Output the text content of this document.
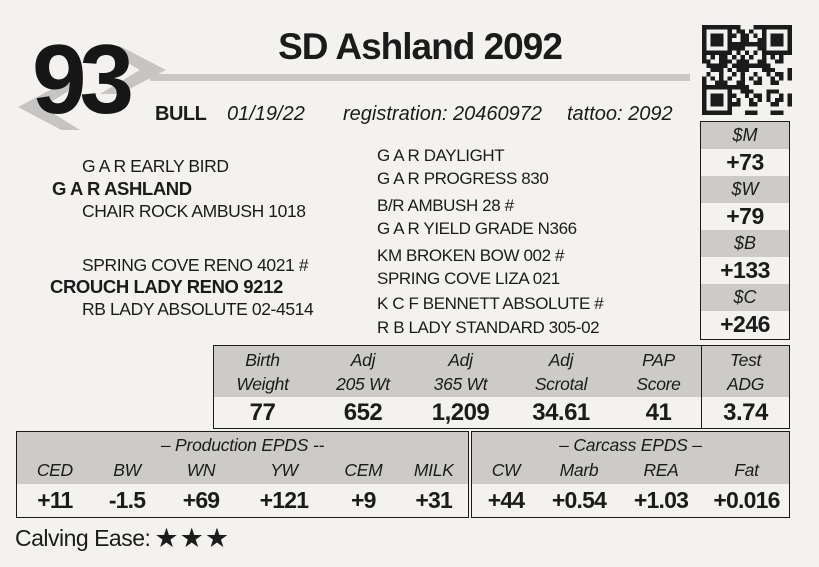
93	SD Ashland 2092
BULL 01/19/22 registration: 20460972 tattoo: 2092
G A R EARLY BIRD
G A R ASHLAND
CHAIR ROCK AMBUSH 1018
SPRING COVE RENO 4021 #
CROUCH LADY RENO 9212
RB LADY ABSOLUTE 02-4514
G A R DAYLIGHT
G A R PROGRESS 830
B/R AMBUSH 28 #
G A R YIELD GRADE N366
KM BROKEN BOW 002 #
SPRING COVE LIZA 021
K C F BENNETT ABSOLUTE #
R B LADY STANDARD 305-02
$M
+73
$W
+79
$B
+133
$C
+246
Birth
Weight
77
Adj
205 Wt
652
Adj
365 Wt
1,209
Adj
Scrotal
34.61
PAP
Score
41
Test
ADG
3.74
– Production EPDS --
CED
+11
BW
-1.5
WN
+69
YW
+121
CEM
+9
MILK
+31
– Carcass EPDS –
CW
+44
Marb
+0.54
REA
+1.03
Fat
+0.016
Calving Ease: ★★★
